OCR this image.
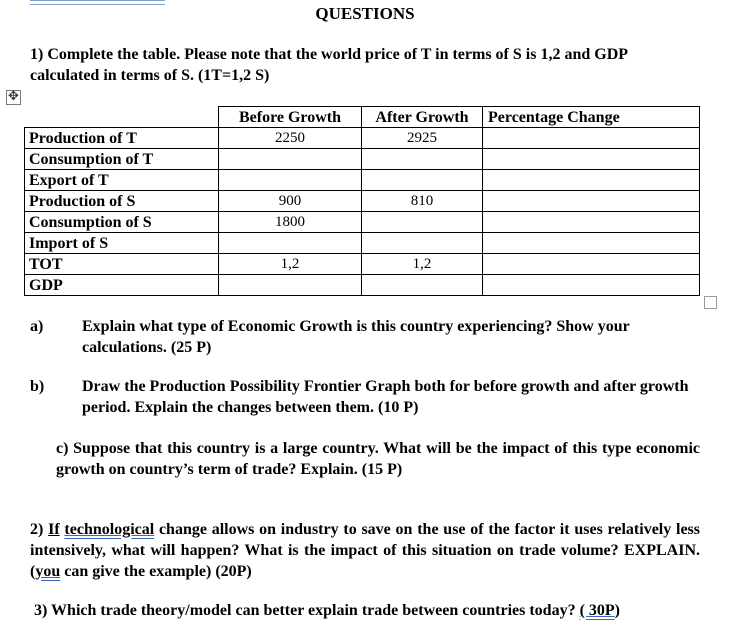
QUESTIONS
1) Complete the table. Please note that the world price of T in terms of S is 1,2 and GDP calculated in terms of S. (1T=1,2 S)
✥
	Before Growth	After Growth	Percentage Change
Production of T	2250	2925	
Consumption of T			
Export of T			
Production of S	900	810	
Consumption of S	1800		
Import of S			
TOT	1,2	1,2	
GDP			
a) Explain what type of Economic Growth is this country experiencing? Show your calculations. (25 P)
b) Draw the Production Possibility Frontier Graph both for before growth and after growth period. Explain the changes between them. (10 P)
c) Suppose that this country is a large country. What will be the impact of this type economic growth on country’s term of trade? Explain. (15 P)
2) If technological change allows on industry to save on the use of the factor it uses relatively less intensively, what will happen? What is the impact of this situation on trade volume? EXPLAIN. (you can give the example) (20P)
3) Which trade theory/model can better explain trade between countries today? ( 30P)
